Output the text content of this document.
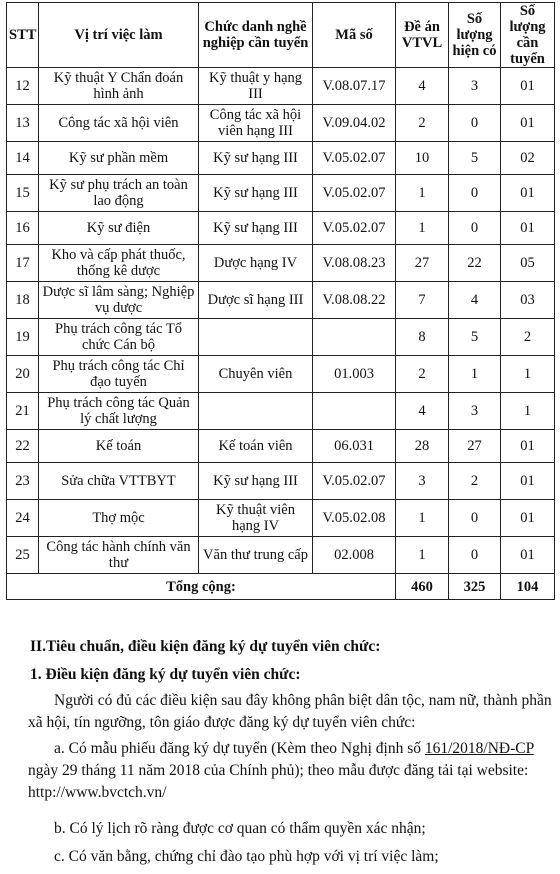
STT	Vị trí việc làm	Chức danh nghề nghiệp cần tuyển	Mã số	Đề án VTVL	Số lượng hiện có	Số lượng cần tuyển
12	Kỹ thuật Y Chẩn đoán hình ảnh	Kỹ thuật y hạng III	V.08.07.17	4	3	01
13	Công tác xã hội viên	Công tác xã hội viên hạng III	V.09.04.02	2	0	01
14	Kỹ sư phần mềm	Kỹ sư hạng III	V.05.02.07	10	5	02
15	Kỹ sư phụ trách an toàn lao động	Kỹ sư hạng III	V.05.02.07	1	0	01
16	Kỹ sư điện	Kỹ sư hạng III	V.05.02.07	1	0	01
17	Kho và cấp phát thuốc, thống kê dược	Dược hạng IV	V.08.08.23	27	22	05
18	Dược sĩ lâm sàng; Nghiệp vụ dược	Dược sĩ hạng III	V.08.08.22	7	4	03
19	Phụ trách công tác Tổ chức Cán bộ			8	5	2
20	Phụ trách công tác Chỉ đạo tuyến	Chuyên viên	01.003	2	1	1
21	Phụ trách công tác Quản lý chất lượng			4	3	1
22	Kế toán	Kế toán viên	06.031	28	27	01
23	Sửa chữa VTTBYT	Kỹ sư hạng III	V.05.02.07	3	2	01
24	Thợ mộc	Kỹ thuật viên hạng IV	V.05.02.08	1	0	01
25	Công tác hành chính văn thư	Văn thư trung cấp	02.008	1	0	01
Tổng cộng:				460	325	104
II.Tiêu chuẩn, điều kiện đăng ký dự tuyển viên chức:
1. Điều kiện đăng ký dự tuyển viên chức:
Người có đủ các điều kiện sau đây không phân biệt dân tộc, nam nữ, thành phần xã hội, tín ngưỡng, tôn giáo được đăng ký dự tuyển viên chức:
a. Có mẫu phiếu đăng ký dự tuyển (Kèm theo Nghị định số 161/2018/NĐ-CP ngày 29 tháng 11 năm 2018 của Chính phủ); theo mẫu được đăng tải tại website: http://www.bvctch.vn/
b. Có lý lịch rõ ràng được cơ quan có thẩm quyền xác nhận;
c. Có văn bằng, chứng chỉ đào tạo phù hợp với vị trí việc làm;
